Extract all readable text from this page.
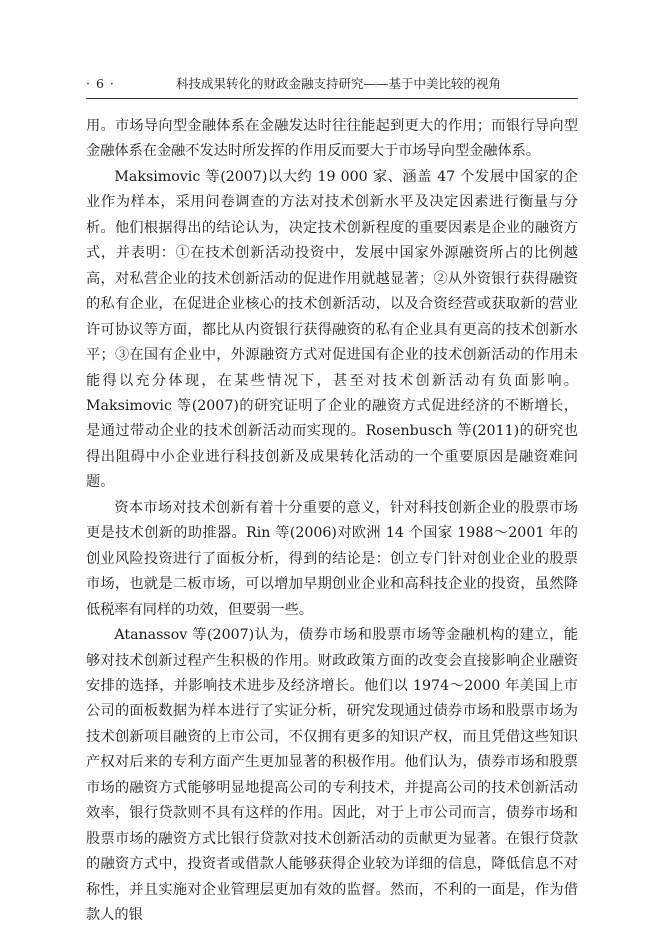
· 6 ·	科技成果转化的财政金融支持研究——基于中美比较的视角

用。市场导向型金融体系在金融发达时往往能起到更大的作用；而银行导向型金融体系在金融不发达时所发挥的作用反而要大于市场导向型金融体系。

Maksimovic 等(2007)以大约 19 000 家、涵盖 47 个发展中国家的企业作为样本，采用问卷调查的方法对技术创新水平及决定因素进行衡量与分析。他们根据得出的结论认为，决定技术创新程度的重要因素是企业的融资方式，并表明：①在技术创新活动投资中，发展中国家外源融资所占的比例越高，对私营企业的技术创新活动的促进作用就越显著；②从外资银行获得融资的私有企业，在促进企业核心的技术创新活动，以及合资经营或获取新的营业许可协议等方面，都比从内资银行获得融资的私有企业具有更高的技术创新水平；③在国有企业中，外源融资方式对促进国有企业的技术创新活动的作用未能得以充分体现，在某些情况下，甚至对技术创新活动有负面影响。Maksimovic 等(2007)的研究证明了企业的融资方式促进经济的不断增长，是通过带动企业的技术创新活动而实现的。Rosenbusch 等(2011)的研究也得出阻碍中小企业进行科技创新及成果转化活动的一个重要原因是融资难问题。

资本市场对技术创新有着十分重要的意义，针对科技创新企业的股票市场更是技术创新的助推器。Rin 等(2006)对欧洲 14 个国家 1988～2001 年的创业风险投资进行了面板分析，得到的结论是：创立专门针对创业企业的股票市场，也就是二板市场，可以增加早期创业企业和高科技企业的投资，虽然降低税率有同样的功效，但要弱一些。

Atanassov 等(2007)认为，债券市场和股票市场等金融机构的建立，能够对技术创新过程产生积极的作用。财政政策方面的改变会直接影响企业融资安排的选择，并影响技术进步及经济增长。他们以 1974～2000 年美国上市公司的面板数据为样本进行了实证分析，研究发现通过债券市场和股票市场为技术创新项目融资的上市公司，不仅拥有更多的知识产权，而且凭借这些知识产权对后来的专利方面产生更加显著的积极作用。他们认为，债券市场和股票市场的融资方式能够明显地提高公司的专利技术，并提高公司的技术创新活动效率，银行贷款则不具有这样的作用。因此，对于上市公司而言，债券市场和股票市场的融资方式比银行贷款对技术创新活动的贡献更为显著。在银行贷款的融资方式中，投资者或借款人能够获得企业较为详细的信息，降低信息不对称性，并且实施对企业管理层更加有效的监督。然而，不利的一面是，作为借款人的银
